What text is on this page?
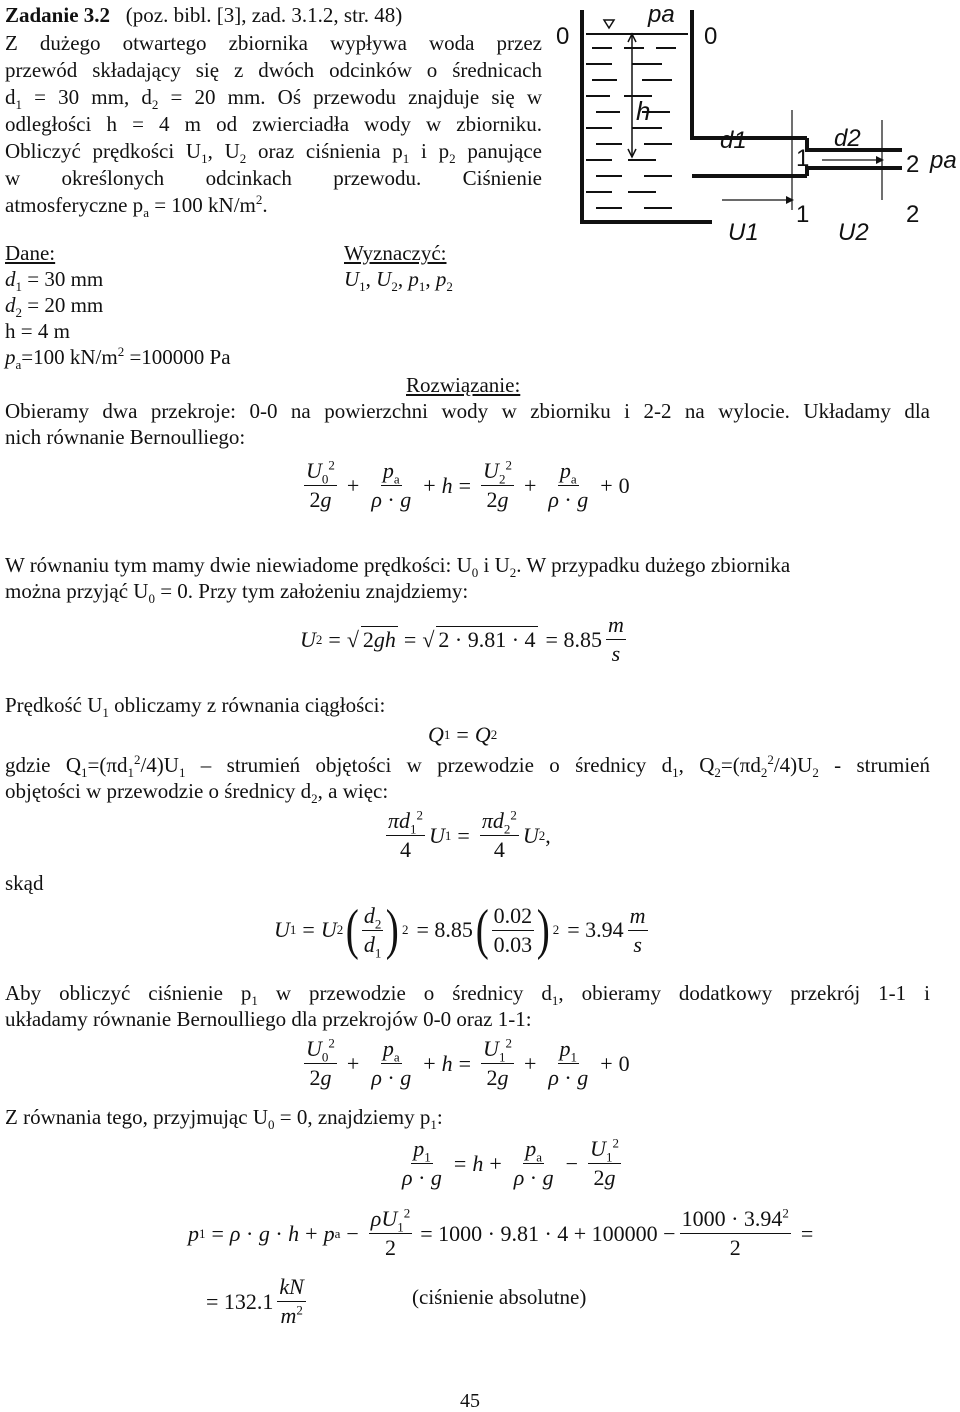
Zadanie 3.2 (poz. bibl. [3], zad. 3.1.2, str. 48)
Z dużego otwartego zbiornika wypływa woda przez
przewód składający się z dwóch odcinków o średnicach
$d_1 = 30$ mm, $d_2 = 20$ mm. Oś przewodu znajduje się w
odległości h = 4 m od zwierciadła wody w zbiorniku.
Obliczyć prędkości $U_1$, $U_2$ oraz ciśnienia $p_1$ i $p_2$ panujące
w określonych odcinkach przewodu. Ciśnienie
atmosferyczne $p_a = 100$ $kN/m^2$.
0	0
pa
h
d1	d2
1
1
2
2
pa
U1	U2
Dane:
$d_1 = 30$ mm
$d_2 = 20$ mm
h = 4 m
$p_a=100$ $kN/m^2 =100000$ Pa
Wyznaczyć:
$U_1$, $U_2$, $p_1$, $p_2$
Rozwiązanie:
Obieramy dwa przekroje: 0-0 na powierzchni wody w zbiorniku i 2-2 na wylocie. Układamy dla
nich równanie Bernoulliego:
$\frac{U_0^2}{2g} + \frac{p_a}{\rho \cdot g} + h = \frac{U_2^2}{2g} + \frac{p_a}{\rho \cdot g} + 0$
W równaniu tym mamy dwie niewiadome prędkości: $U_0$ i $U_2$. W przypadku dużego zbiornika
można przyjąć $U_0 = 0$. Przy tym założeniu znajdziemy:
U 2 = √ 2gh = √ $2 \cdot 9.81 \cdot 4 = 8.85 \frac{m}{s}$
Prędkość $U_1$ obliczamy z równania ciągłości:
Q 1 = Q 2
gdzie $Q_1=(\pi d_1^2/4)U_1$ – strumień objętości w przewodzie o średnicy $d_1$, $Q_2=(\pi d_2^2/4)U_2$ - strumień
objętości w przewodzie o średnicy $d_2$, a więc:
$\frac{\pi d_1^2}{4}$ U $1 = \frac{\pi d_2^2}{4}$ U 2 ,
skąd
U 1 = U 2 ( $\frac{d_2}{d_1}$ ) 2 = 8.85 ( $\frac{0.02}{0.03}$ ) $2 = 3.94 \frac{m}{s}$
Aby obliczyć ciśnienie $p_1$ w przewodzie o średnicy $d_1$, obieramy dodatkowy przekrój 1-1 i
układamy równanie Bernoulliego dla przekrojów 0-0 oraz 1-1:
$\frac{U_0^2}{2g} + \frac{p_a}{\rho \cdot g} + h = \frac{U_1^2}{2g} + \frac{p_1}{\rho \cdot g} + 0$
Z równania tego, przyjmując $U_0 = 0$, znajdziemy $p_1$:
$\frac{p_1}{\rho \cdot g} = h + \frac{p_a}{\rho \cdot g} - \frac{U_1^2}{2g}$
p 1 = ρ · g · h + p $a - \frac{\rho U_1^2}{2} = 1000 \cdot 9.81 \cdot 4 + 100000 - \frac{1000 \cdot 3.94^2}{2}$ =
= $132.1 \frac{kN}{m^2}$	(ciśnienie absolutne)
45
